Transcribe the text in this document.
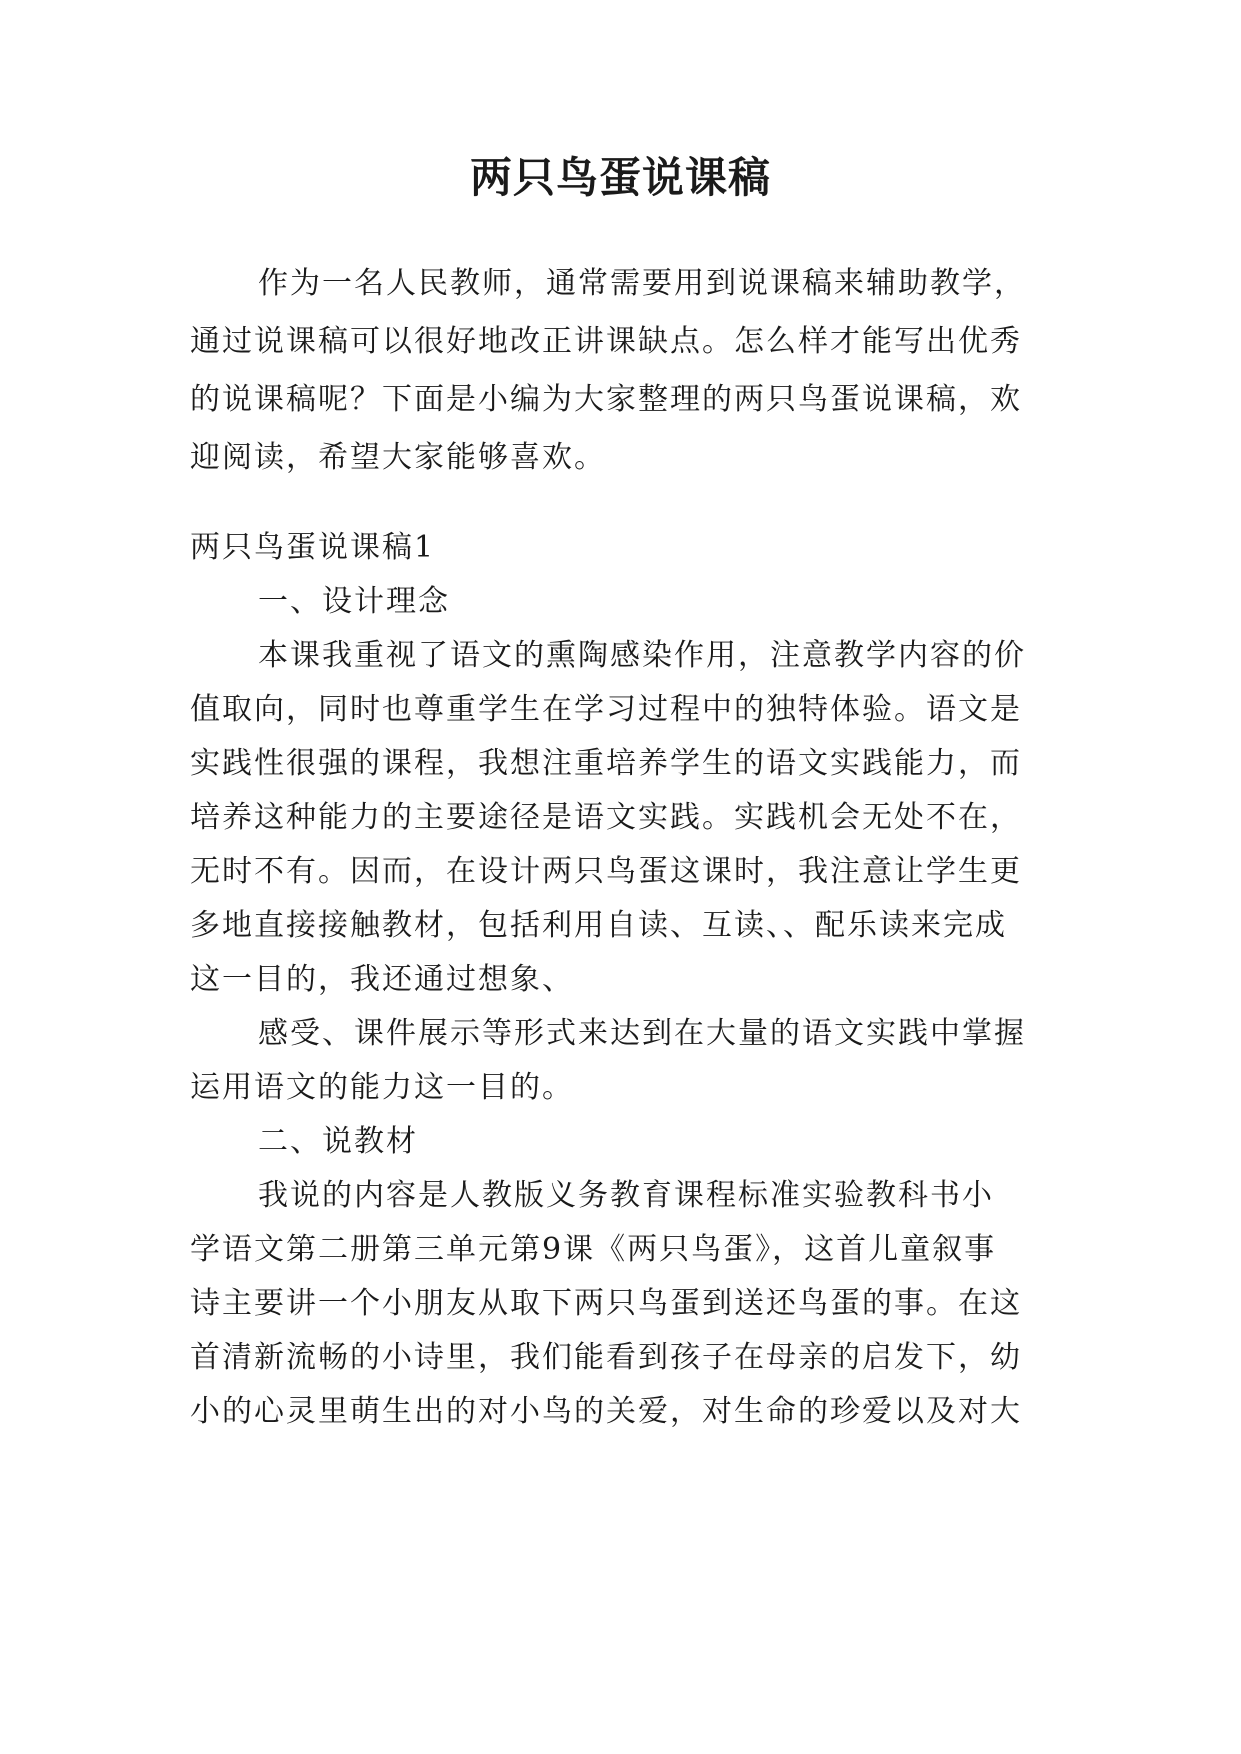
两只鸟蛋说课稿

作为一名人民教师，通常需要用到说课稿来辅助教学，

通过说课稿可以很好地改正讲课缺点。怎么样才能写出优秀

的说课稿呢？下面是小编为大家整理的两只鸟蛋说课稿，欢

迎阅读，希望大家能够喜欢。

两只鸟蛋说课稿1

一、设计理念

本课我重视了语文的熏陶感染作用，注意教学内容的价

值取向，同时也尊重学生在学习过程中的独特体验。语文是

实践性很强的课程，我想注重培养学生的语文实践能力，而

培养这种能力的主要途径是语文实践。实践机会无处不在，

无时不有。因而，在设计两只鸟蛋这课时，我注意让学生更

多地直接接触教材，包括利用自读、互读、、配乐读来完成

这一目的，我还通过想象、

感受、课件展示等形式来达到在大量的语文实践中掌握

运用语文的能力这一目的。

二、说教材

我说的内容是人教版义务教育课程标准实验教科书小

学语文第二册第三单元第9课《两只鸟蛋》，这首儿童叙事

诗主要讲一个小朋友从取下两只鸟蛋到送还鸟蛋的事。在这

首清新流畅的小诗里，我们能看到孩子在母亲的启发下，幼

小的心灵里萌生出的对小鸟的关爱，对生命的珍爱以及对大
